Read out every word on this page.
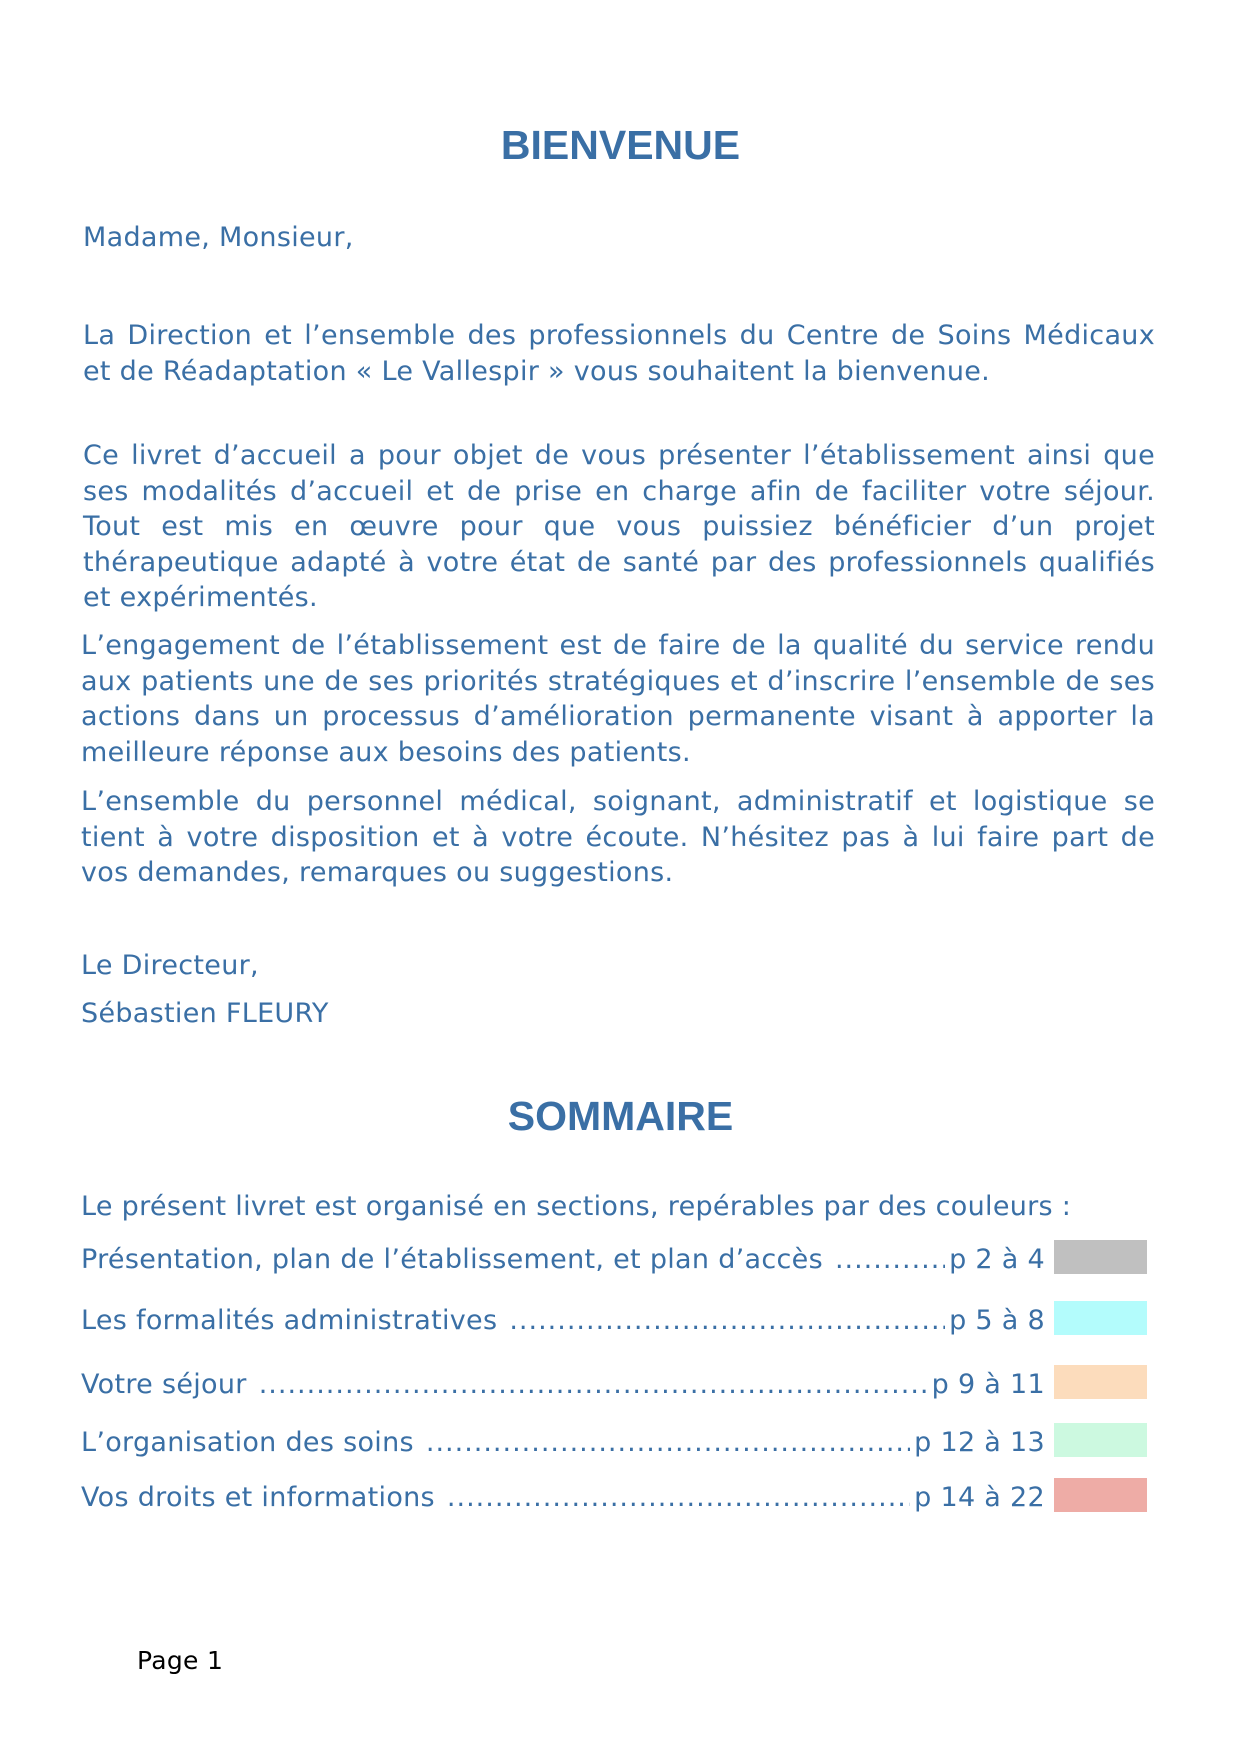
BIENVENUE

Madame, Monsieur,

La Direction et l’ensemble des professionnels du Centre de Soins Médicaux et de Réadaptation « Le Vallespir » vous souhaitent la bienvenue.

Ce livret d’accueil a pour objet de vous présenter l’établissement ainsi que ses modalités d’accueil et de prise en charge afin de faciliter votre séjour. Tout est mis en œuvre pour que vous puissiez bénéficier d’un projet thérapeutique adapté à votre état de santé par des professionnels qualifiés et expérimentés.

L’engagement de l’établissement est de faire de la qualité du service rendu aux patients une de ses priorités stratégiques et d’inscrire l’ensemble de ses actions dans un processus d’amélioration permanente visant à apporter la meilleure réponse aux besoins des patients.

L’ensemble du personnel médical, soignant, administratif et logistique se tient à votre disposition et à votre écoute. N’hésitez pas à lui faire part de vos demandes, remarques ou suggestions.

Le Directeur,

Sébastien FLEURY

SOMMAIRE

Le présent livret est organisé en sections, repérables par des couleurs :

Présentation, plan de l’établissement, et plan d’accès .....	p 2 à 4
Les formalités administratives .....	p 5 à 8
Votre séjour .....	p 9 à 11
L’organisation des soins .....	p 12 à 13
Vos droits et informations .....	p 14 à 22
Page 1
